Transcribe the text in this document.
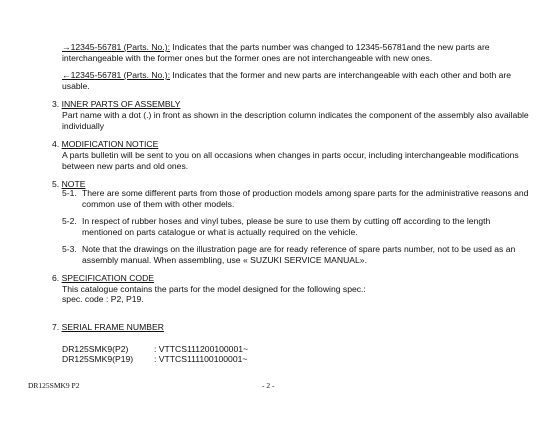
→12345-56781 (Parts. No.): Indicates that the parts number was changed to 12345-56781and the new parts are interchangeable with the former ones but the former ones are not interchangeable with new ones.
←12345-56781 (Parts. No.): Indicates that the former and new parts are interchangeable with each other and both are usable.
3. INNER PARTS OF ASSEMBLY
Part name with a dot (.) in front as shown in the description column indicates the component of the assembly also available individually
4. MODIFICATION NOTICE
A parts bulletin will be sent to you on all occasions when changes in parts occur, including interchangeable modifications between new parts and old ones.
5. NOTE
5-1. There are some different parts from those of production models among spare parts for the administrative reasons and common use of them with other models.
5-2. In respect of rubber hoses and vinyl tubes, please be sure to use them by cutting off according to the length mentioned on parts catalogue or what is actually required on the vehicle.
5-3. Note that the drawings on the illustration page are for ready reference of spare parts number, not to be used as an assembly manual. When assembling, use « SUZUKI SERVICE MANUAL».
6. SPECIFICATION CODE
This catalogue contains the parts for the model designed for the following spec.:
spec. code : P2, P19.
7. SERIAL FRAME NUMBER
DR125SMK9(P2)	: VTTCS111200100001~
DR125SMK9(P19) : VTTCS111100100001~
DR125SMK9 P2	- 2 -
